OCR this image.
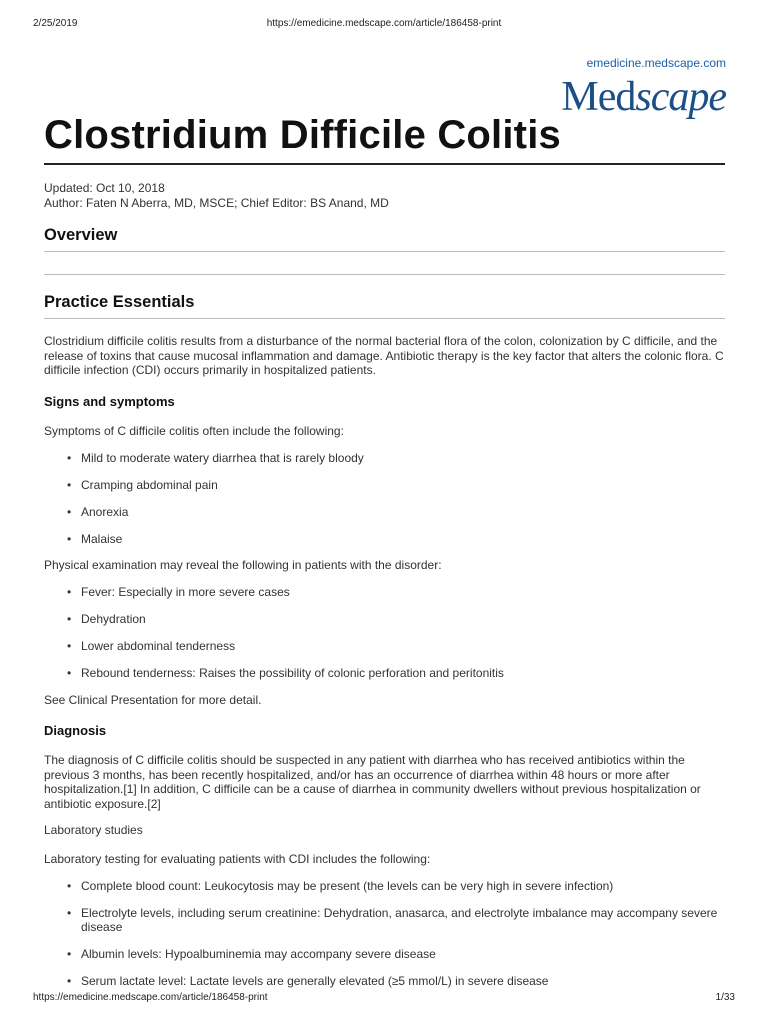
2/25/2019	https://emedicine.medscape.com/article/186458-print
emedicine.medscape.com
Medscape
Clostridium Difficile Colitis
Updated: Oct 10, 2018
Author: Faten N Aberra, MD, MSCE; Chief Editor: BS Anand, MD
Overview
Practice Essentials

Clostridium difficile colitis results from a disturbance of the normal bacterial flora of the colon, colonization by C difficile, and the release of toxins that cause mucosal inflammation and damage. Antibiotic therapy is the key factor that alters the colonic flora. C difficile infection (CDI) occurs primarily in hospitalized patients.

Signs and symptoms

Symptoms of C difficile colitis often include the following:

• Mild to moderate watery diarrhea that is rarely bloody
• Cramping abdominal pain
• Anorexia
• Malaise

Physical examination may reveal the following in patients with the disorder:

• Fever: Especially in more severe cases
• Dehydration
• Lower abdominal tenderness
• Rebound tenderness: Raises the possibility of colonic perforation and peritonitis

See Clinical Presentation for more detail.

Diagnosis

The diagnosis of C difficile colitis should be suspected in any patient with diarrhea who has received antibiotics within the previous 3 months, has been recently hospitalized, and/or has an occurrence of diarrhea within 48 hours or more after hospitalization.[1] In addition, C difficile can be a cause of diarrhea in community dwellers without previous hospitalization or antibiotic exposure.[2]

Laboratory studies

Laboratory testing for evaluating patients with CDI includes the following:

• Complete blood count: Leukocytosis may be present (the levels can be very high in severe infection)
• Electrolyte levels, including serum creatinine: Dehydration, anasarca, and electrolyte imbalance may accompany severe disease
• Albumin levels: Hypoalbuminemia may accompany severe disease
• Serum lactate level: Lactate levels are generally elevated (≥5 mmol/L) in severe disease
https://emedicine.medscape.com/article/186458-print	1/33
